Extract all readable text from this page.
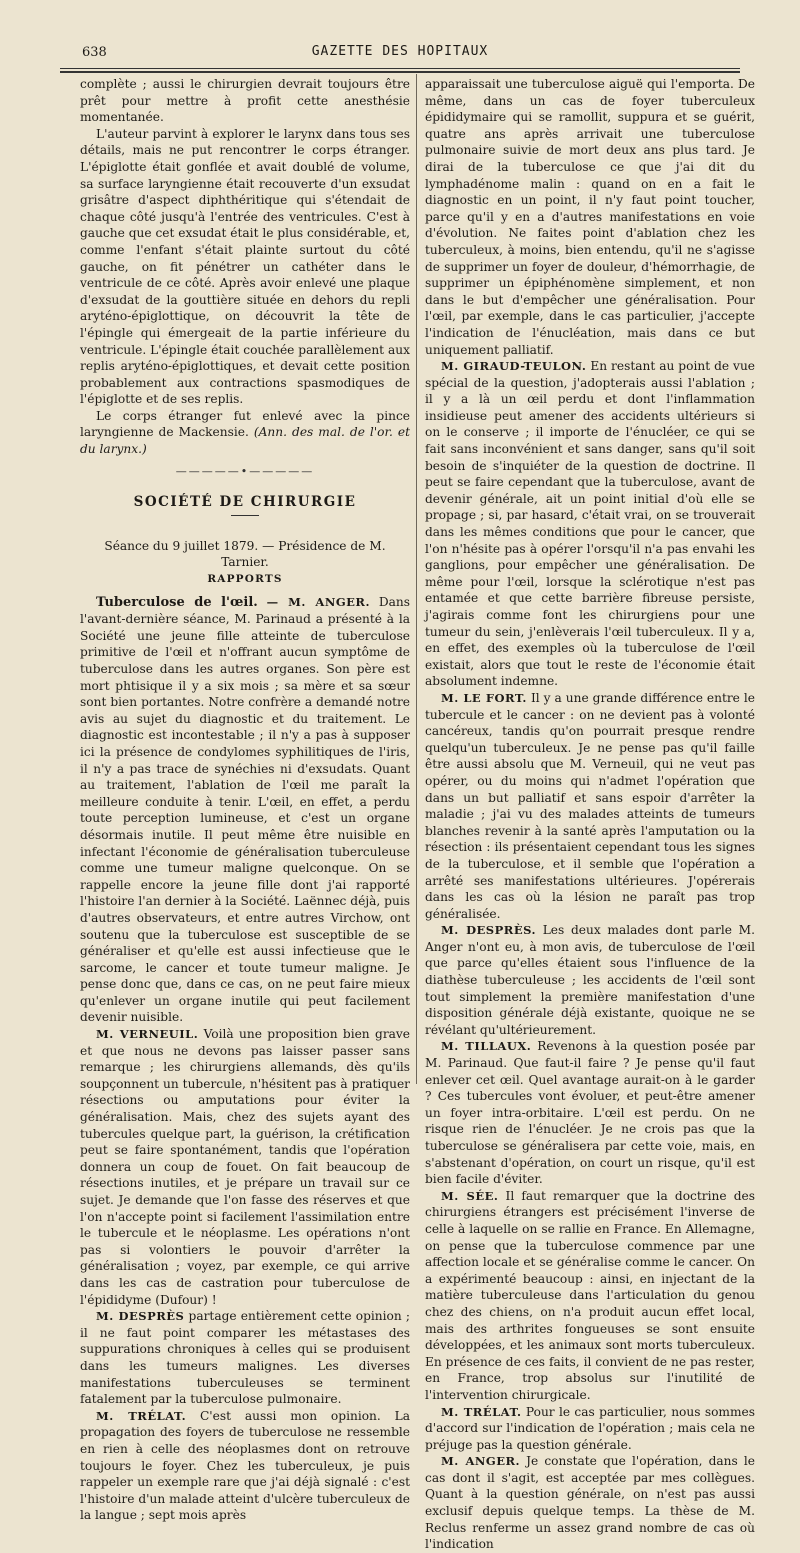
638	GAZETTE DES HOPITAUX

complète ; aussi le chirurgien devrait toujours être prêt pour mettre à profit cette anesthésie momentanée.

L'auteur parvint à explorer le larynx dans tous ses détails, mais ne put rencontrer le corps étranger. L'épiglotte était gonflée et avait doublé de volume, sa surface laryngienne était recouverte d'un exsudat grisâtre d'aspect diphthéritique qui s'étendait de chaque côté jusqu'à l'entrée des ventricules. C'est à gauche que cet exsudat était le plus considérable, et, comme l'enfant s'était plainte surtout du côté gauche, on fit pénétrer un cathéter dans le ventricule de ce côté. Après avoir enlevé une plaque d'exsudat de la gouttière située en dehors du repli aryténo-épiglottique, on découvrit la tête de l'épingle qui émergeait de la partie inférieure du ventricule. L'épingle était couchée parallèlement aux replis aryténo-épiglottiques, et devait cette position probablement aux contractions spasmodiques de l'épiglotte et de ses replis.

Le corps étranger fut enlevé avec la pince laryngienne de Mackensie. (Ann. des mal. de l'or. et du larynx.)

—————•—————
SOCIÉTÉ DE CHIRURGIE

Séance du 9 juillet 1879. — Présidence de M. Tarnier.

RAPPORTS

Tuberculose de l'œil. — M. ANGER. Dans l'avant-dernière séance, M. Parinaud a présenté à la Société une jeune fille atteinte de tuberculose primitive de l'œil et n'offrant aucun symptôme de tuberculose dans les autres organes. Son père est mort phtisique il y a six mois ; sa mère et sa sœur sont bien portantes. Notre confrère a demandé notre avis au sujet du diagnostic et du traitement. Le diagnostic est incontestable ; il n'y a pas à supposer ici la présence de condylomes syphilitiques de l'iris, il n'y a pas trace de synéchies ni d'exsudats. Quant au traitement, l'ablation de l'œil me paraît la meilleure conduite à tenir. L'œil, en effet, a perdu toute perception lumineuse, et c'est un organe désormais inutile. Il peut même être nuisible en infectant l'économie de généralisation tuberculeuse comme une tumeur maligne quelconque. On se rappelle encore la jeune fille dont j'ai rapporté l'histoire l'an dernier à la Société. Laënnec déjà, puis d'autres observateurs, et entre autres Virchow, ont soutenu que la tuberculose est susceptible de se généraliser et qu'elle est aussi infectieuse que le sarcome, le cancer et toute tumeur maligne. Je pense donc que, dans ce cas, on ne peut faire mieux qu'enlever un organe inutile qui peut facilement devenir nuisible.

M. VERNEUIL. Voilà une proposition bien grave et que nous ne devons pas laisser passer sans remarque ; les chirurgiens allemands, dès qu'ils soupçonnent un tubercule, n'hésitent pas à pratiquer résections ou amputations pour éviter la généralisation. Mais, chez des sujets ayant des tubercules quelque part, la guérison, la crétification peut se faire spontanément, tandis que l'opération donnera un coup de fouet. On fait beaucoup de résections inutiles, et je prépare un travail sur ce sujet. Je demande que l'on fasse des réserves et que l'on n'accepte point si facilement l'assimilation entre le tubercule et le néoplasme. Les opérations n'ont pas si volontiers le pouvoir d'arrêter la généralisation ; voyez, par exemple, ce qui arrive dans les cas de castration pour tuberculose de l'épididyme (Dufour) !

M. DESPRÈS partage entièrement cette opinion ; il ne faut point comparer les métastases des suppurations chroniques à celles qui se produisent dans les tumeurs malignes. Les diverses manifestations tuberculeuses se terminent fatalement par la tuberculose pulmonaire.

M. TRÉLAT. C'est aussi mon opinion. La propagation des foyers de tuberculose ne ressemble en rien à celle des néoplasmes dont on retrouve toujours le foyer. Chez les tuberculeux, je puis rappeler un exemple rare que j'ai déjà signalé : c'est l'histoire d'un malade atteint d'ulcère tuberculeux de la langue ; sept mois après

apparaissait une tuberculose aiguë qui l'emporta. De même, dans un cas de foyer tuberculeux épididymaire qui se ramollit, suppura et se guérit, quatre ans après arrivait une tuberculose pulmonaire suivie de mort deux ans plus tard. Je dirai de la tuberculose ce que j'ai dit du lymphadénome malin : quand on en a fait le diagnostic en un point, il n'y faut point toucher, parce qu'il y en a d'autres manifestations en voie d'évolution. Ne faites point d'ablation chez les tuberculeux, à moins, bien entendu, qu'il ne s'agisse de supprimer un foyer de douleur, d'hémorrhagie, de supprimer un épiphénomène simplement, et non dans le but d'empêcher une généralisation. Pour l'œil, par exemple, dans le cas particulier, j'accepte l'indication de l'énucléation, mais dans ce but uniquement palliatif.

M. GIRAUD-TEULON. En restant au point de vue spécial de la question, j'adopterais aussi l'ablation ; il y a là un œil perdu et dont l'inflammation insidieuse peut amener des accidents ultérieurs si on le conserve ; il importe de l'énucléer, ce qui se fait sans inconvénient et sans danger, sans qu'il soit besoin de s'inquiéter de la question de doctrine. Il peut se faire cependant que la tuberculose, avant de devenir générale, ait un point initial d'où elle se propage ; si, par hasard, c'était vrai, on se trouverait dans les mêmes conditions que pour le cancer, que l'on n'hésite pas à opérer l'orsqu'il n'a pas envahi les ganglions, pour empêcher une généralisation. De même pour l'œil, lorsque la sclérotique n'est pas entamée et que cette barrière fibreuse persiste, j'agirais comme font les chirurgiens pour une tumeur du sein, j'enlèverais l'œil tuberculeux. Il y a, en effet, des exemples où la tuberculose de l'œil existait, alors que tout le reste de l'économie était absolument indemne.

M. LE FORT. Il y a une grande différence entre le tubercule et le cancer : on ne devient pas à volonté cancéreux, tandis qu'on pourrait presque rendre quelqu'un tuberculeux. Je ne pense pas qu'il faille être aussi absolu que M. Verneuil, qui ne veut pas opérer, ou du moins qui n'admet l'opération que dans un but palliatif et sans espoir d'arrêter la maladie ; j'ai vu des malades atteints de tumeurs blanches revenir à la santé après l'amputation ou la résection : ils présentaient cependant tous les signes de la tuberculose, et il semble que l'opération a arrêté ses manifestations ultérieures. J'opérerais dans les cas où la lésion ne paraît pas trop généralisée.

M. DESPRÈS. Les deux malades dont parle M. Anger n'ont eu, à mon avis, de tuberculose de l'œil que parce qu'elles étaient sous l'influence de la diathèse tuberculeuse ; les accidents de l'œil sont tout simplement la première manifestation d'une disposition générale déjà existante, quoique ne se révélant qu'ultérieurement.

M. TILLAUX. Revenons à la question posée par M. Parinaud. Que faut-il faire ? Je pense qu'il faut enlever cet œil. Quel avantage aurait-on à le garder ? Ces tubercules vont évoluer, et peut-être amener un foyer intra-orbitaire. L'œil est perdu. On ne risque rien de l'énucléer. Je ne crois pas que la tuberculose se généralisera par cette voie, mais, en s'abstenant d'opération, on court un risque, qu'il est bien facile d'éviter.

M. SÉE. Il faut remarquer que la doctrine des chirurgiens étrangers est précisément l'inverse de celle à laquelle on se rallie en France. En Allemagne, on pense que la tuberculose commence par une affection locale et se généralise comme le cancer. On a expérimenté beaucoup : ainsi, en injectant de la matière tuberculeuse dans l'articulation du genou chez des chiens, on n'a produit aucun effet local, mais des arthrites fongueuses se sont ensuite développées, et les animaux sont morts tuberculeux. En présence de ces faits, il convient de ne pas rester, en France, trop absolus sur l'inutilité de l'intervention chirurgicale.

M. TRÉLAT. Pour le cas particulier, nous sommes d'accord sur l'indication de l'opération ; mais cela ne préjuge pas la question générale.

M. ANGER. Je constate que l'opération, dans le cas dont il s'agit, est acceptée par mes collègues. Quant à la question générale, on n'est pas aussi exclusif depuis quelque temps. La thèse de M. Reclus renferme un assez grand nombre de cas où l'indication
